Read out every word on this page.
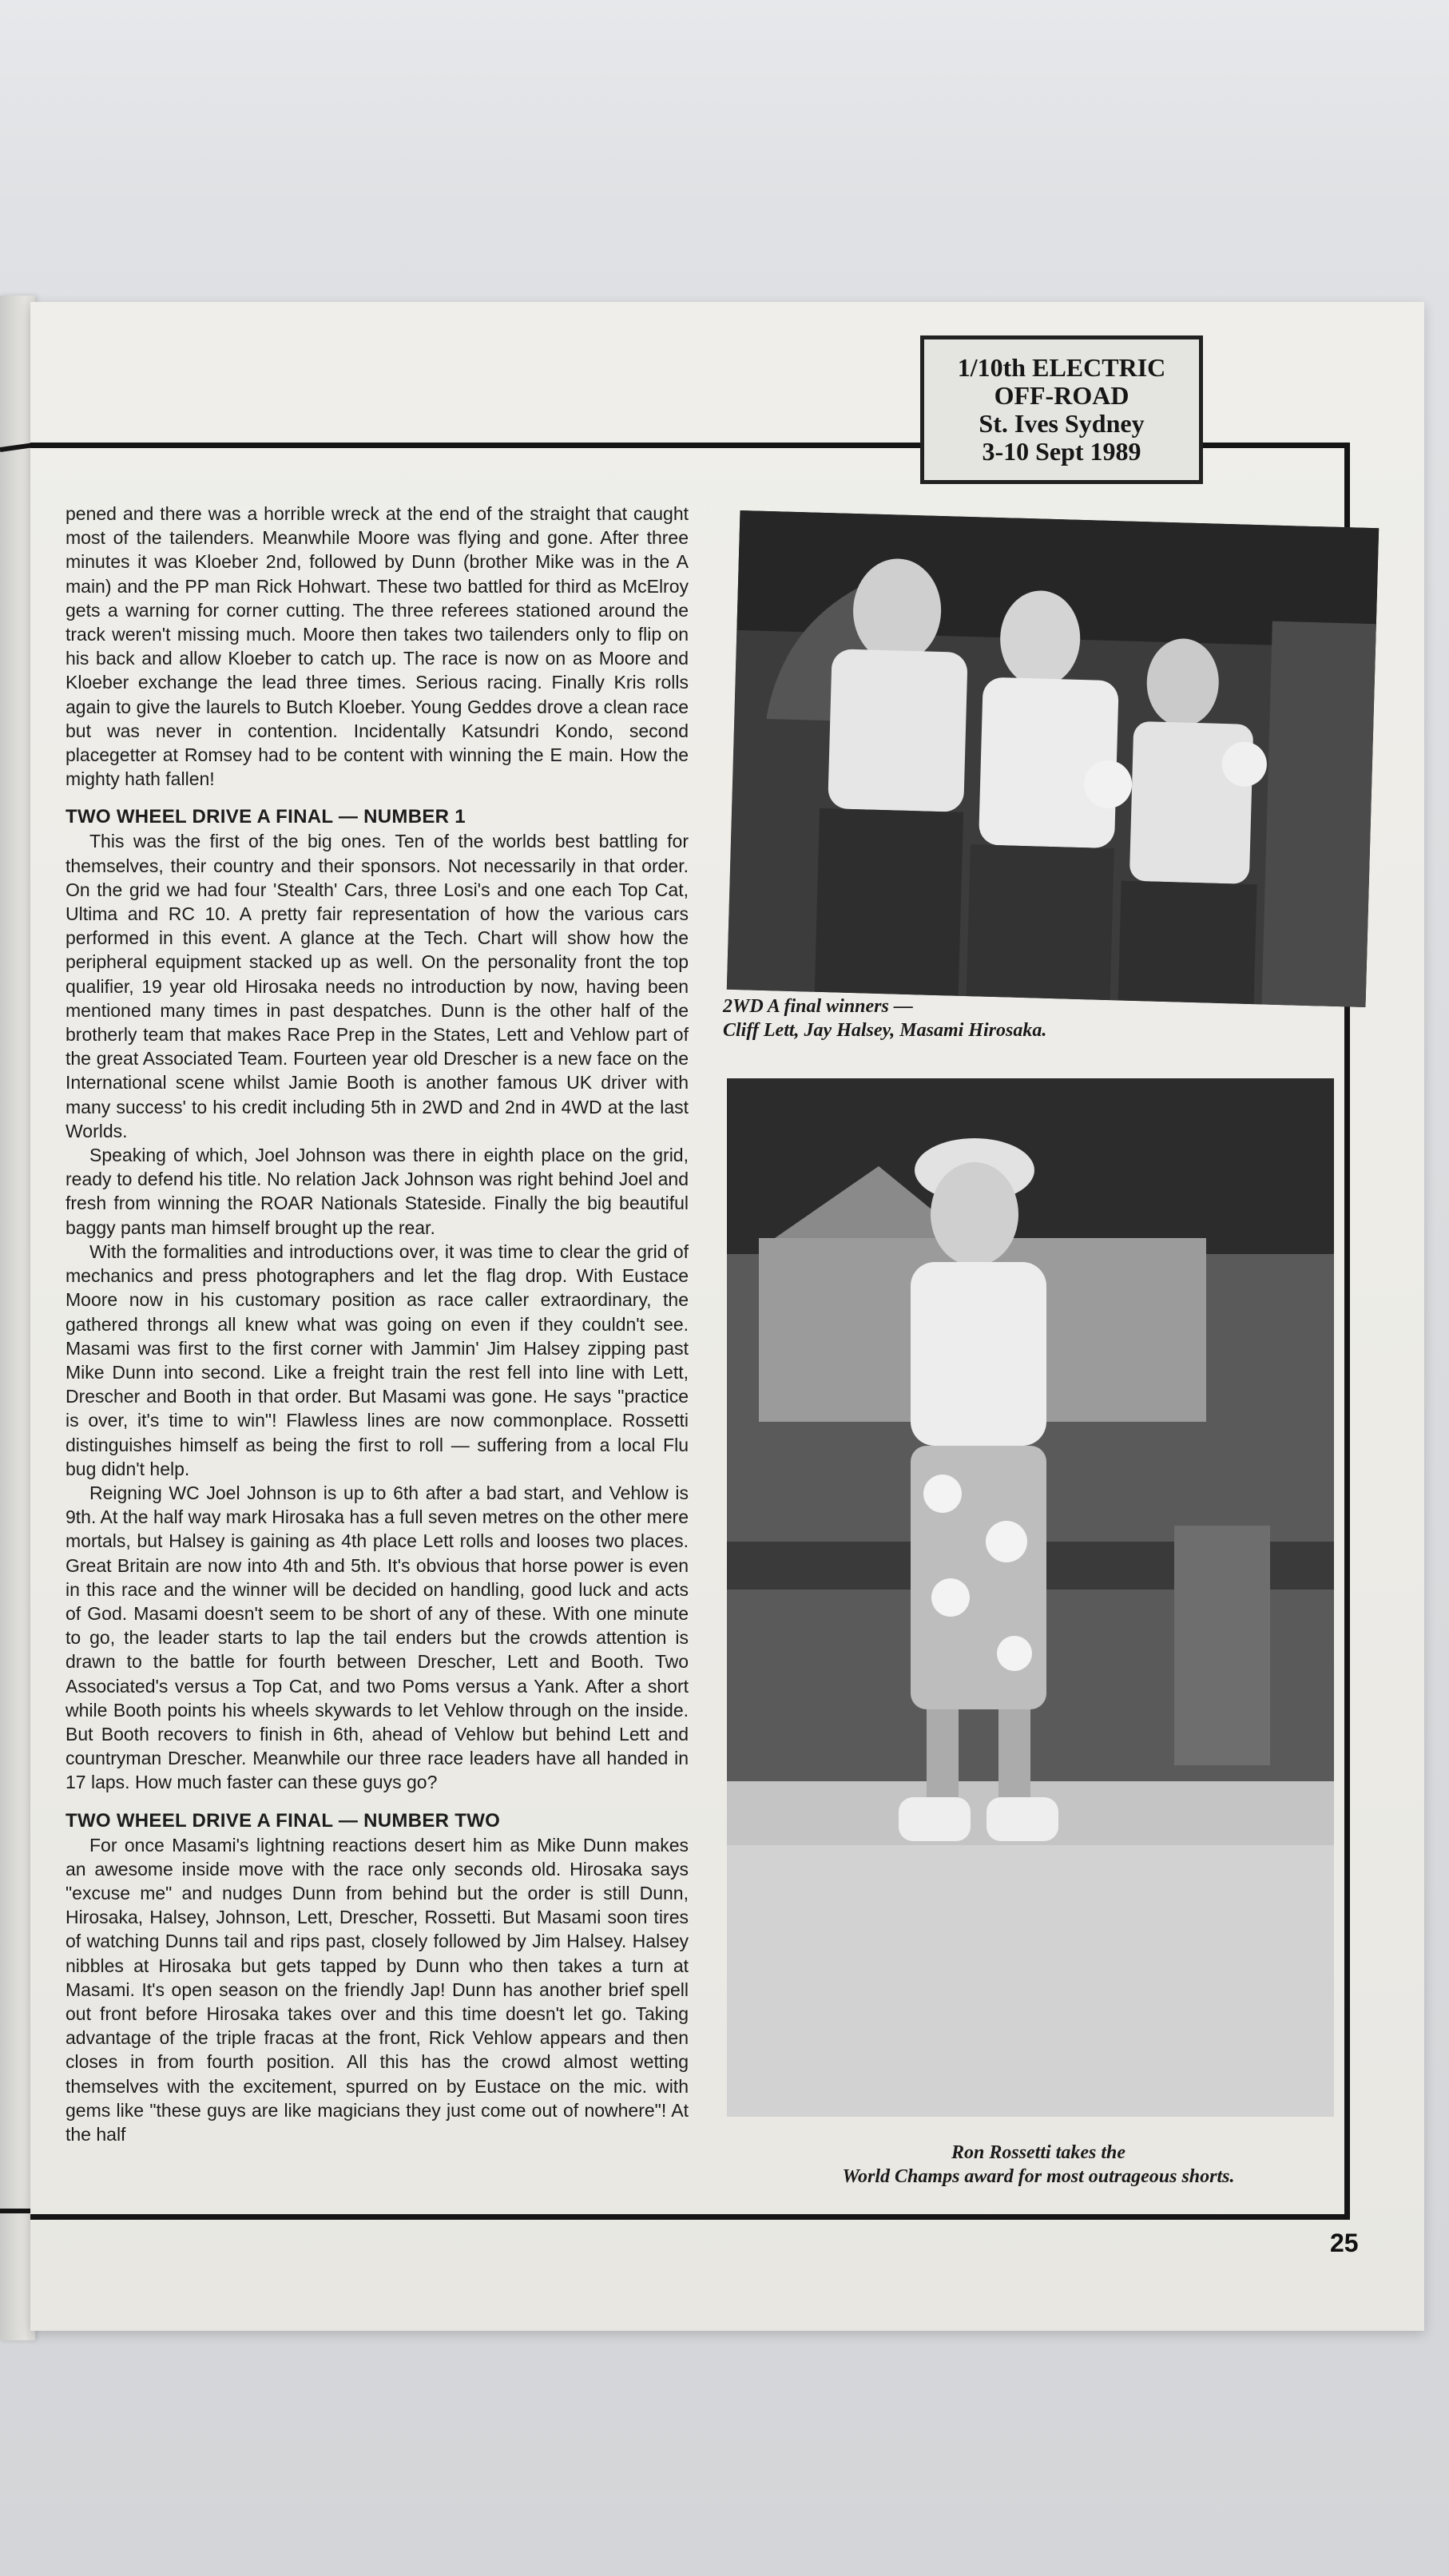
1/10th ELECTRIC
OFF-ROAD
St. Ives Sydney
3-10 Sept 1989

pened and there was a horrible wreck at the end of the straight that caught most of the tailenders. Meanwhile Moore was flying and gone. After three minutes it was Kloeber 2nd, followed by Dunn (brother Mike was in the A main) and the PP man Rick Hohwart. These two battled for third as McElroy gets a warning for corner cutting. The three referees stationed around the track weren't missing much. Moore then takes two tailenders only to flip on his back and allow Kloeber to catch up. The race is now on as Moore and Kloeber exchange the lead three times. Serious racing. Finally Kris rolls again to give the laurels to Butch Kloeber. Young Geddes drove a clean race but was never in contention. Incidentally Katsundri Kondo, second placegetter at Romsey had to be content with winning the E main. How the mighty hath fallen!

TWO WHEEL DRIVE A FINAL — NUMBER 1

This was the first of the big ones. Ten of the worlds best battling for themselves, their country and their sponsors. Not necessarily in that order. On the grid we had four 'Stealth' Cars, three Losi's and one each Top Cat, Ultima and RC 10. A pretty fair representation of how the various cars performed in this event. A glance at the Tech. Chart will show how the peripheral equipment stacked up as well. On the personality front the top qualifier, 19 year old Hirosaka needs no introduction by now, having been mentioned many times in past despatches. Dunn is the other half of the brotherly team that makes Race Prep in the States, Lett and Vehlow part of the great Associated Team. Fourteen year old Drescher is a new face on the International scene whilst Jamie Booth is another famous UK driver with many success' to his credit including 5th in 2WD and 2nd in 4WD at the last Worlds.

Speaking of which, Joel Johnson was there in eighth place on the grid, ready to defend his title. No relation Jack Johnson was right behind Joel and fresh from winning the ROAR Nationals Stateside. Finally the big beautiful baggy pants man himself brought up the rear.

With the formalities and introductions over, it was time to clear the grid of mechanics and press photographers and let the flag drop. With Eustace Moore now in his customary position as race caller extraordinary, the gathered throngs all knew what was going on even if they couldn't see. Masami was first to the first corner with Jammin' Jim Halsey zipping past Mike Dunn into second. Like a freight train the rest fell into line with Lett, Drescher and Booth in that order. But Masami was gone. He says "practice is over, it's time to win"! Flawless lines are now commonplace. Rossetti distinguishes himself as being the first to roll — suffering from a local Flu bug didn't help.

Reigning WC Joel Johnson is up to 6th after a bad start, and Vehlow is 9th. At the half way mark Hirosaka has a full seven metres on the other mere mortals, but Halsey is gaining as 4th place Lett rolls and looses two places. Great Britain are now into 4th and 5th. It's obvious that horse power is even in this race and the winner will be decided on handling, good luck and acts of God. Masami doesn't seem to be short of any of these. With one minute to go, the leader starts to lap the tail enders but the crowds attention is drawn to the battle for fourth between Drescher, Lett and Booth. Two Associated's versus a Top Cat, and two Poms versus a Yank. After a short while Booth points his wheels skywards to let Vehlow through on the inside. But Booth recovers to finish in 6th, ahead of Vehlow but behind Lett and countryman Drescher. Meanwhile our three race leaders have all handed in 17 laps. How much faster can these guys go?

TWO WHEEL DRIVE A FINAL — NUMBER TWO

For once Masami's lightning reactions desert him as Mike Dunn makes an awesome inside move with the race only seconds old. Hirosaka says "excuse me" and nudges Dunn from behind but the order is still Dunn, Hirosaka, Halsey, Johnson, Lett, Drescher, Rossetti. But Masami soon tires of watching Dunns tail and rips past, closely followed by Jim Halsey. Halsey nibbles at Hirosaka but gets tapped by Dunn who then takes a turn at Masami. It's open season on the friendly Jap! Dunn has another brief spell out front before Hirosaka takes over and this time doesn't let go. Taking advantage of the triple fracas at the front, Rick Vehlow appears and then closes in from fourth position. All this has the crowd almost wetting themselves with the excitement, spurred on by Eustace on the mic. with gems like "these guys are like magicians they just come out of nowhere"! At the half

2WD A final winners —
Cliff Lett, Jay Halsey, Masami Hirosaka.
Ron Rossetti takes the
World Champs award for most outrageous shorts.
25
